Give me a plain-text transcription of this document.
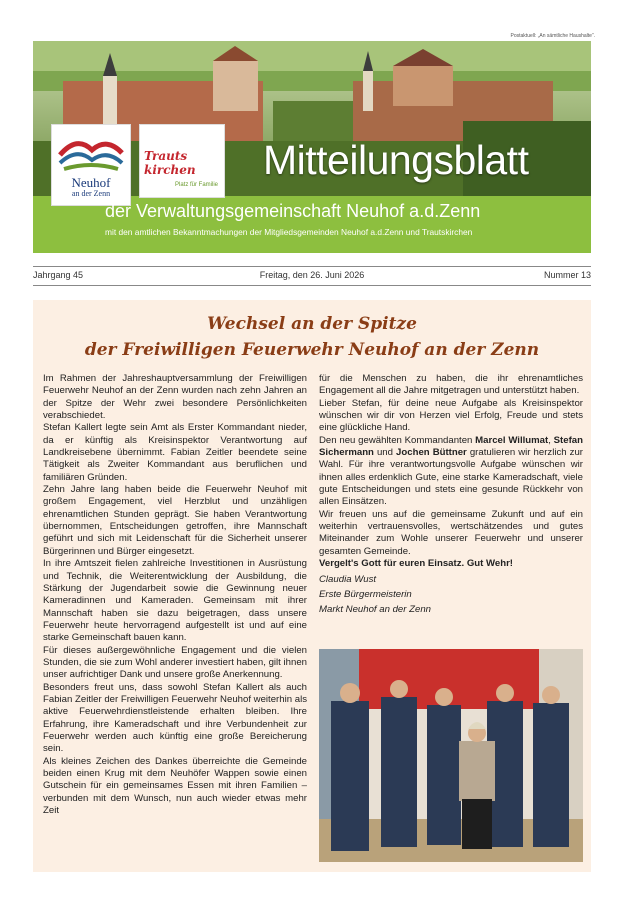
Postaktuell: „An sämtliche Haushalte“.
Neuhof
an der Zenn
Trauts
kirchen
Platz für Familie
Mitteilungsblatt
der Verwaltungsgemeinschaft Neuhof a.d.Zenn
mit den amtlichen Bekanntmachungen der Mitgliedsgemeinden Neuhof a.d.Zenn und Trautskirchen
Jahrgang 45	Freitag, den 26. Juni 2026	Nummer 13
Wechsel an der Spitze
der Freiwilligen Feuerwehr Neuhof an der Zenn

Im Rahmen der Jahreshauptversammlung der Freiwilligen Feuerwehr Neuhof an der Zenn wurden nach zehn Jahren an der Spitze der Wehr zwei besondere Persönlichkeiten verabschiedet.

Stefan Kallert legte sein Amt als Erster Kommandant nieder, da er künftig als Kreisinspektor Verantwortung auf Landkreisebene übernimmt. Fabian Zeitler beendete seine Tätigkeit als Zweiter Kommandant aus beruflichen und familiären Gründen.

Zehn Jahre lang haben beide die Feuerwehr Neuhof mit großem Engagement, viel Herzblut und unzähligen ehrenamtlichen Stunden geprägt. Sie haben Verantwortung übernommen, Entscheidungen getroffen, ihre Mannschaft geführt und sich mit Leidenschaft für die Sicherheit unserer Bürgerinnen und Bürger eingesetzt.

In ihre Amtszeit fielen zahlreiche Investitionen in Ausrüstung und Technik, die Weiterentwicklung der Ausbildung, die Stärkung der Jugendarbeit sowie die Gewinnung neuer Kameradinnen und Kameraden. Gemeinsam mit ihrer Mannschaft haben sie dazu beigetragen, dass unsere Feuerwehr heute hervorragend aufgestellt ist und auf eine starke Gemeinschaft bauen kann.

Für dieses außergewöhnliche Engagement und die vielen Stunden, die sie zum Wohl anderer investiert haben, gilt ihnen unser aufrichtiger Dank und unsere große Anerkennung.

Besonders freut uns, dass sowohl Stefan Kallert als auch Fabian Zeitler der Freiwilligen Feuerwehr Neuhof weiterhin als aktive Feuerwehrdienstleistende erhalten bleiben. Ihre Erfahrung, ihre Kameradschaft und ihre Verbundenheit zur Feuerwehr werden auch künftig eine große Bereicherung sein.

Als kleines Zeichen des Dankes überreichte die Gemeinde beiden einen Krug mit dem Neuhöfer Wappen sowie einen Gutschein für ein gemeinsames Essen mit ihren Familien – verbunden mit dem Wunsch, nun auch wieder etwas mehr Zeit

für die Menschen zu haben, die ihr ehrenamtliches Engagement all die Jahre mitgetragen und unterstützt haben.

Lieber Stefan, für deine neue Aufgabe als Kreisinspektor wünschen wir dir von Herzen viel Erfolg, Freude und stets eine glückliche Hand.

Den neu gewählten Kommandanten Marcel Willumat, Stefan Sichermann und Jochen Büttner gratulieren wir herzlich zur Wahl. Für ihre verantwortungsvolle Aufgabe wünschen wir ihnen alles erdenklich Gute, eine starke Kameradschaft, viele gute Entscheidungen und stets eine gesunde Rückkehr von allen Einsätzen.

Wir freuen uns auf die gemeinsame Zukunft und auf ein weiterhin vertrauensvolles, wertschätzendes und gutes Miteinander zum Wohle unserer Feuerwehr und unserer gesamten Gemeinde.

Vergelt's Gott für euren Einsatz. Gut Wehr!

Claudia Wust

Erste Bürgermeisterin

Markt Neuhof an der Zenn
